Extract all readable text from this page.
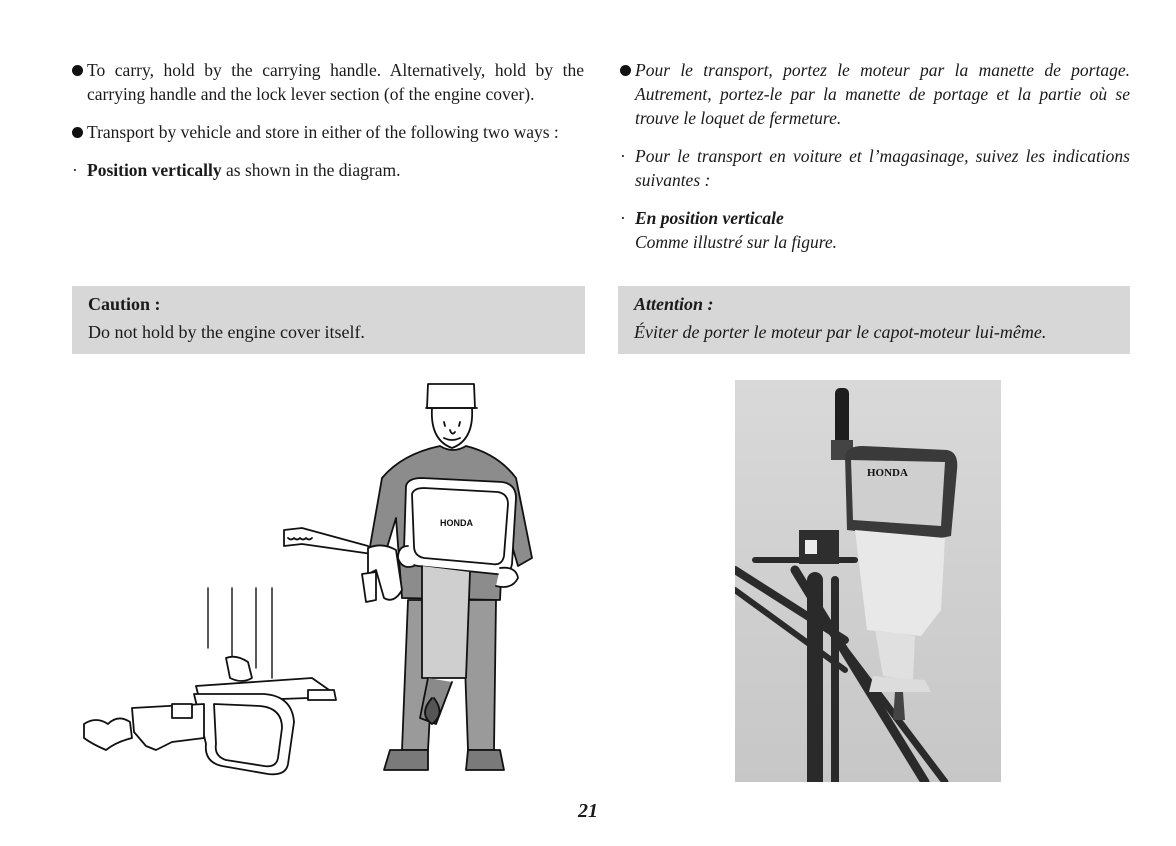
To carry, hold by the carrying handle. Alternatively, hold by the carrying handle and the lock lever section (of the engine cover).

Transport by vehicle and store in either of the following two ways :

· Position vertically as shown in the diagram.

Pour le transport, portez le moteur par la manette de portage. Autrement, portez-le par la manette de portage et la partie où se trouve le loquet de fermeture.

· Pour le transport en voiture et l’magasinage, suivez les indications suivantes :

· En position verticale
Comme illustré sur la figure.

Caution :
Do not hold by the engine cover itself.
Attention :
Éviter de porter le moteur par le capot-moteur lui-même.
HONDA
HONDA
21
